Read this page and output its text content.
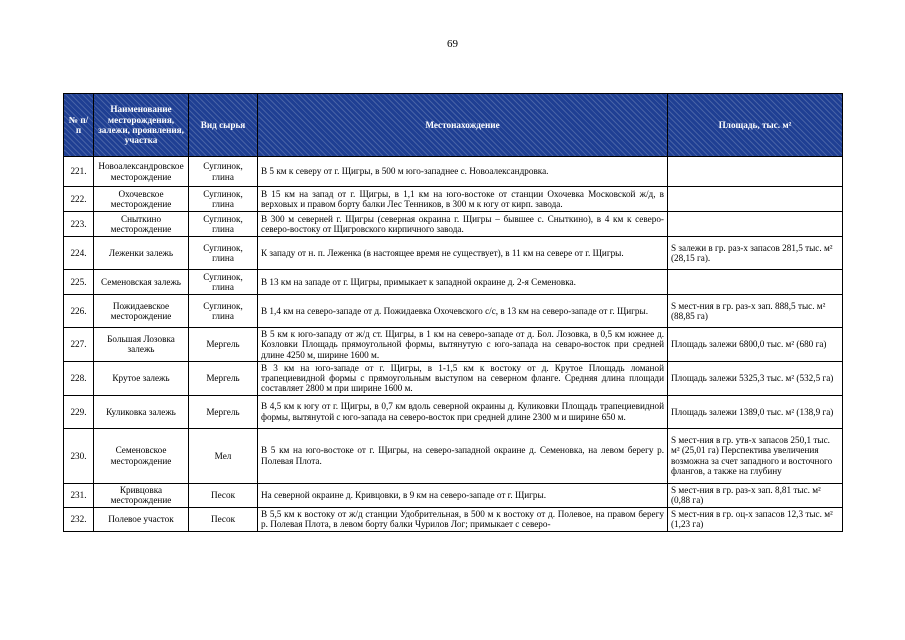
69
№ п/п	Наименование месторождения, залежи, проявления, участка	Вид сырья	Местонахождение	Площадь, тыс. м²
221.	Новоалександровское месторождение	Суглинок, глина	В 5 км к северу от г. Щигры, в 500 м юго-западнее с. Новоалександровка.	
222.	Охочевское месторождение	Суглинок, глина	В 15 км на запад от г. Щигры, в 1,1 км на юго-востоке от станции Охочевка Московской ж/д, в верховых и правом борту балки Лес Тенников, в 300 м к югу от кирп. завода.	
223.	Сныткино месторождение	Суглинок, глина	В 300 м северней г. Щигры (северная окраина г. Щигры – бывшее с. Сныткино), в 4 км к северо-северо-востоку от Щигровского кирпичного завода.	
224.	Леженки залежь	Суглинок, глина	К западу от н. п. Леженка (в настоящее время не существует), в 11 км на севере от г. Щигры.	S залежи в гр. раз-х запасов 281,5 тыс. м² (28,15 га).
225.	Семеновская залежь	Суглинок, глина	В 13 км на западе от г. Щигры, примыкает к западной окраине д. 2-я Семеновка.	
226.	Пожидаевское месторождение	Суглинок, глина	В 1,4 км на северо-западе от д. Пожидаевка Охочевского с/с, в 13 км на северо-западе от г. Щигры.	S мест-ния в гр. раз-х зап. 888,5 тыс. м² (88,85 га)
227.	Большая Лозовка залежь	Мергель	В 5 км к юго-западу от ж/д ст. Щигры, в 1 км на северо-западе от д. Бол. Лозовка, в 0,5 км южнее д. Козловки Площадь прямоугольной формы, вытянутую с юго-запада на севаро-восток при средней длине 4250 м, ширине 1600 м.	Площадь залежи 6800,0 тыс. м² (680 га)
228.	Крутое залежь	Мергель	В 3 км на юго-западе от г. Щигры, в 1-1,5 км к востоку от д. Крутое Площадь ломаной трапециевидной формы с прямоугольным выступом на северном фланге. Средняя длина площади составляет 2800 м при ширине 1600 м.	Площадь залежи 5325,3 тыс. м² (532,5 га)
229.	Куликовка залежь	Мергель	В 4,5 км к югу от г. Щигры, в 0,7 км вдоль северной окраины д. Куликовки Площадь трапециевидной формы, вытянутой с юго-запада на северо-восток при средней длине 2300 м и ширине 650 м.	Площадь залежи 1389,0 тыс. м² (138,9 га)
230.	Семеновское месторождение	Мел	В 5 км на юго-востоке от г. Щигры, на северо-западной окраине д. Семеновка, на левом берегу р. Полевая Плота.	S мест-ния в гр. утв-х запасов 250,1 тыс. м² (25,01 га) Перспектива увеличения возможна за счет западного и восточного флангов, а также на глубину
231.	Кривцовка месторождение	Песок	На северной окраине д. Кривцовки, в 9 км на северо-западе от г. Щигры.	S мест-ния в гр. раз-х зап. 8,81 тыс. м² (0,88 га)
232.	Полевое участок	Песок	В 5,5 км к востоку от ж/д станции Удобрительная, в 500 м к востоку от д. Полевое, на правом берегу р. Полевая Плота, в левом борту балки Чурилов Лог; примыкает с северо-	S мест-ния в гр. оц-х запасов 12,3 тыс. м² (1,23 га)
